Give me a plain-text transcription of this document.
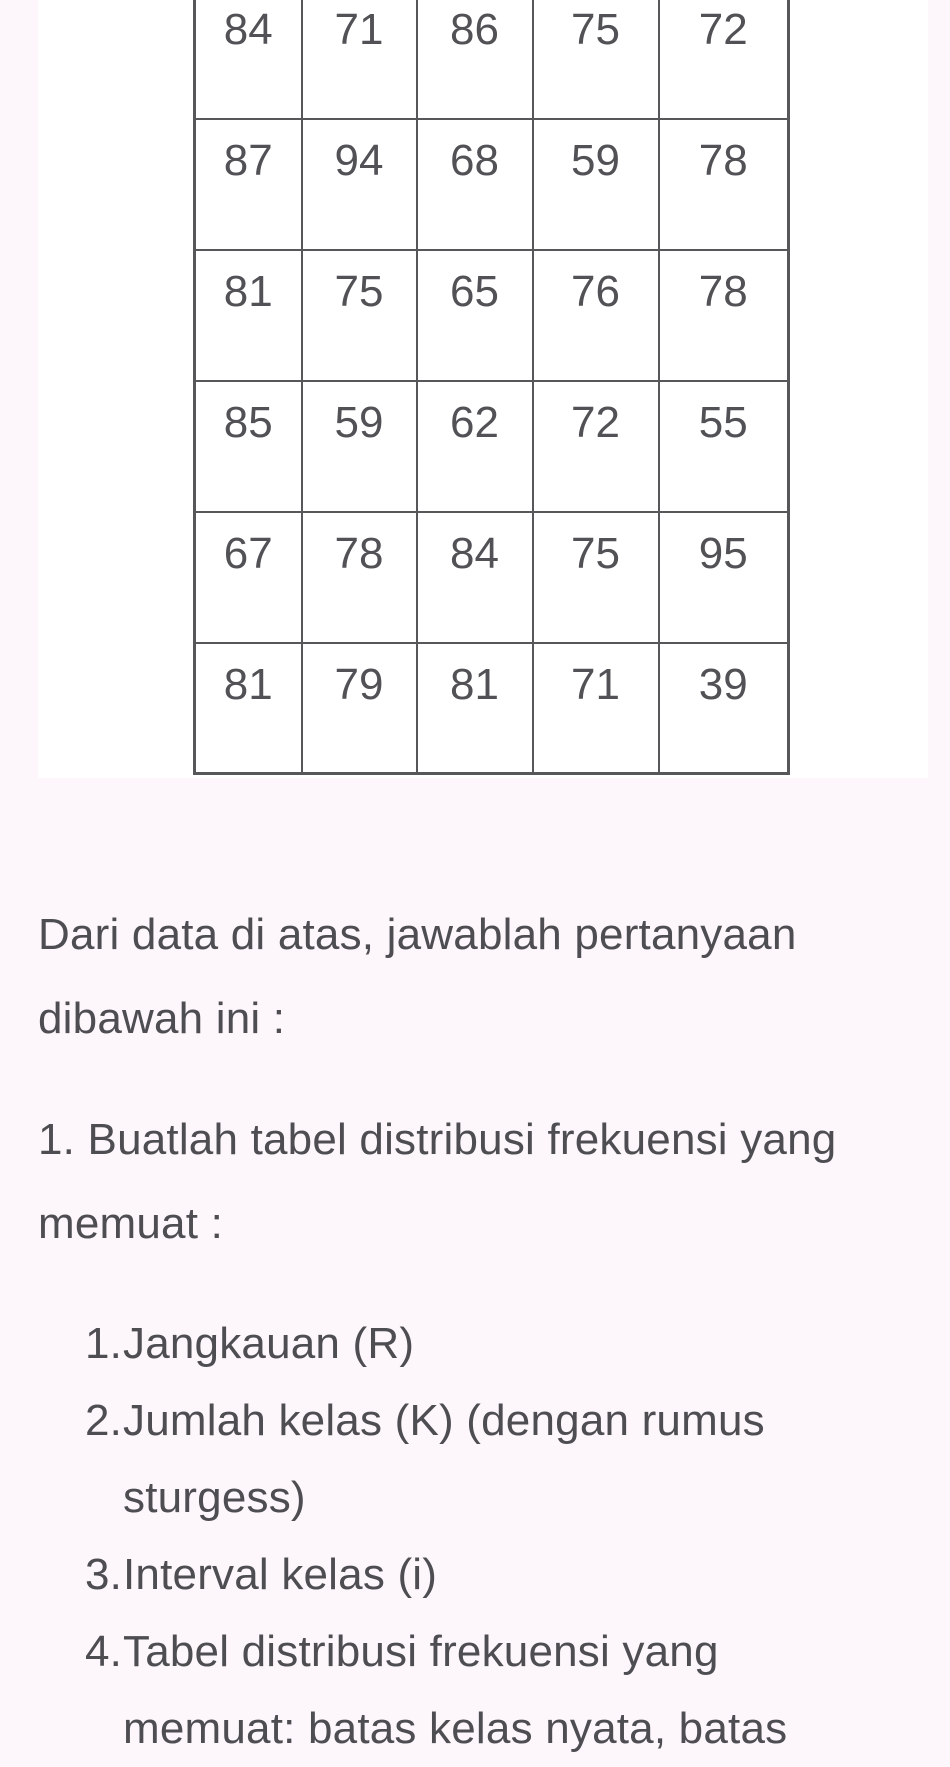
84	71	86	75	72
87	94	68	59	78
81	75	65	76	78
85	59	62	72	55
67	78	84	75	95
81	79	81	71	39
Dari data di atas, jawablah pertanyaan
dibawah ini :
1. Buatlah tabel distribusi frekuensi yang
memuat :
1. Jangkauan (R)
2. Jumlah kelas (K) (dengan rumus
sturgess)
3. Interval kelas (i)
4. Tabel distribusi frekuensi yang
memuat: batas kelas nyata, batas
